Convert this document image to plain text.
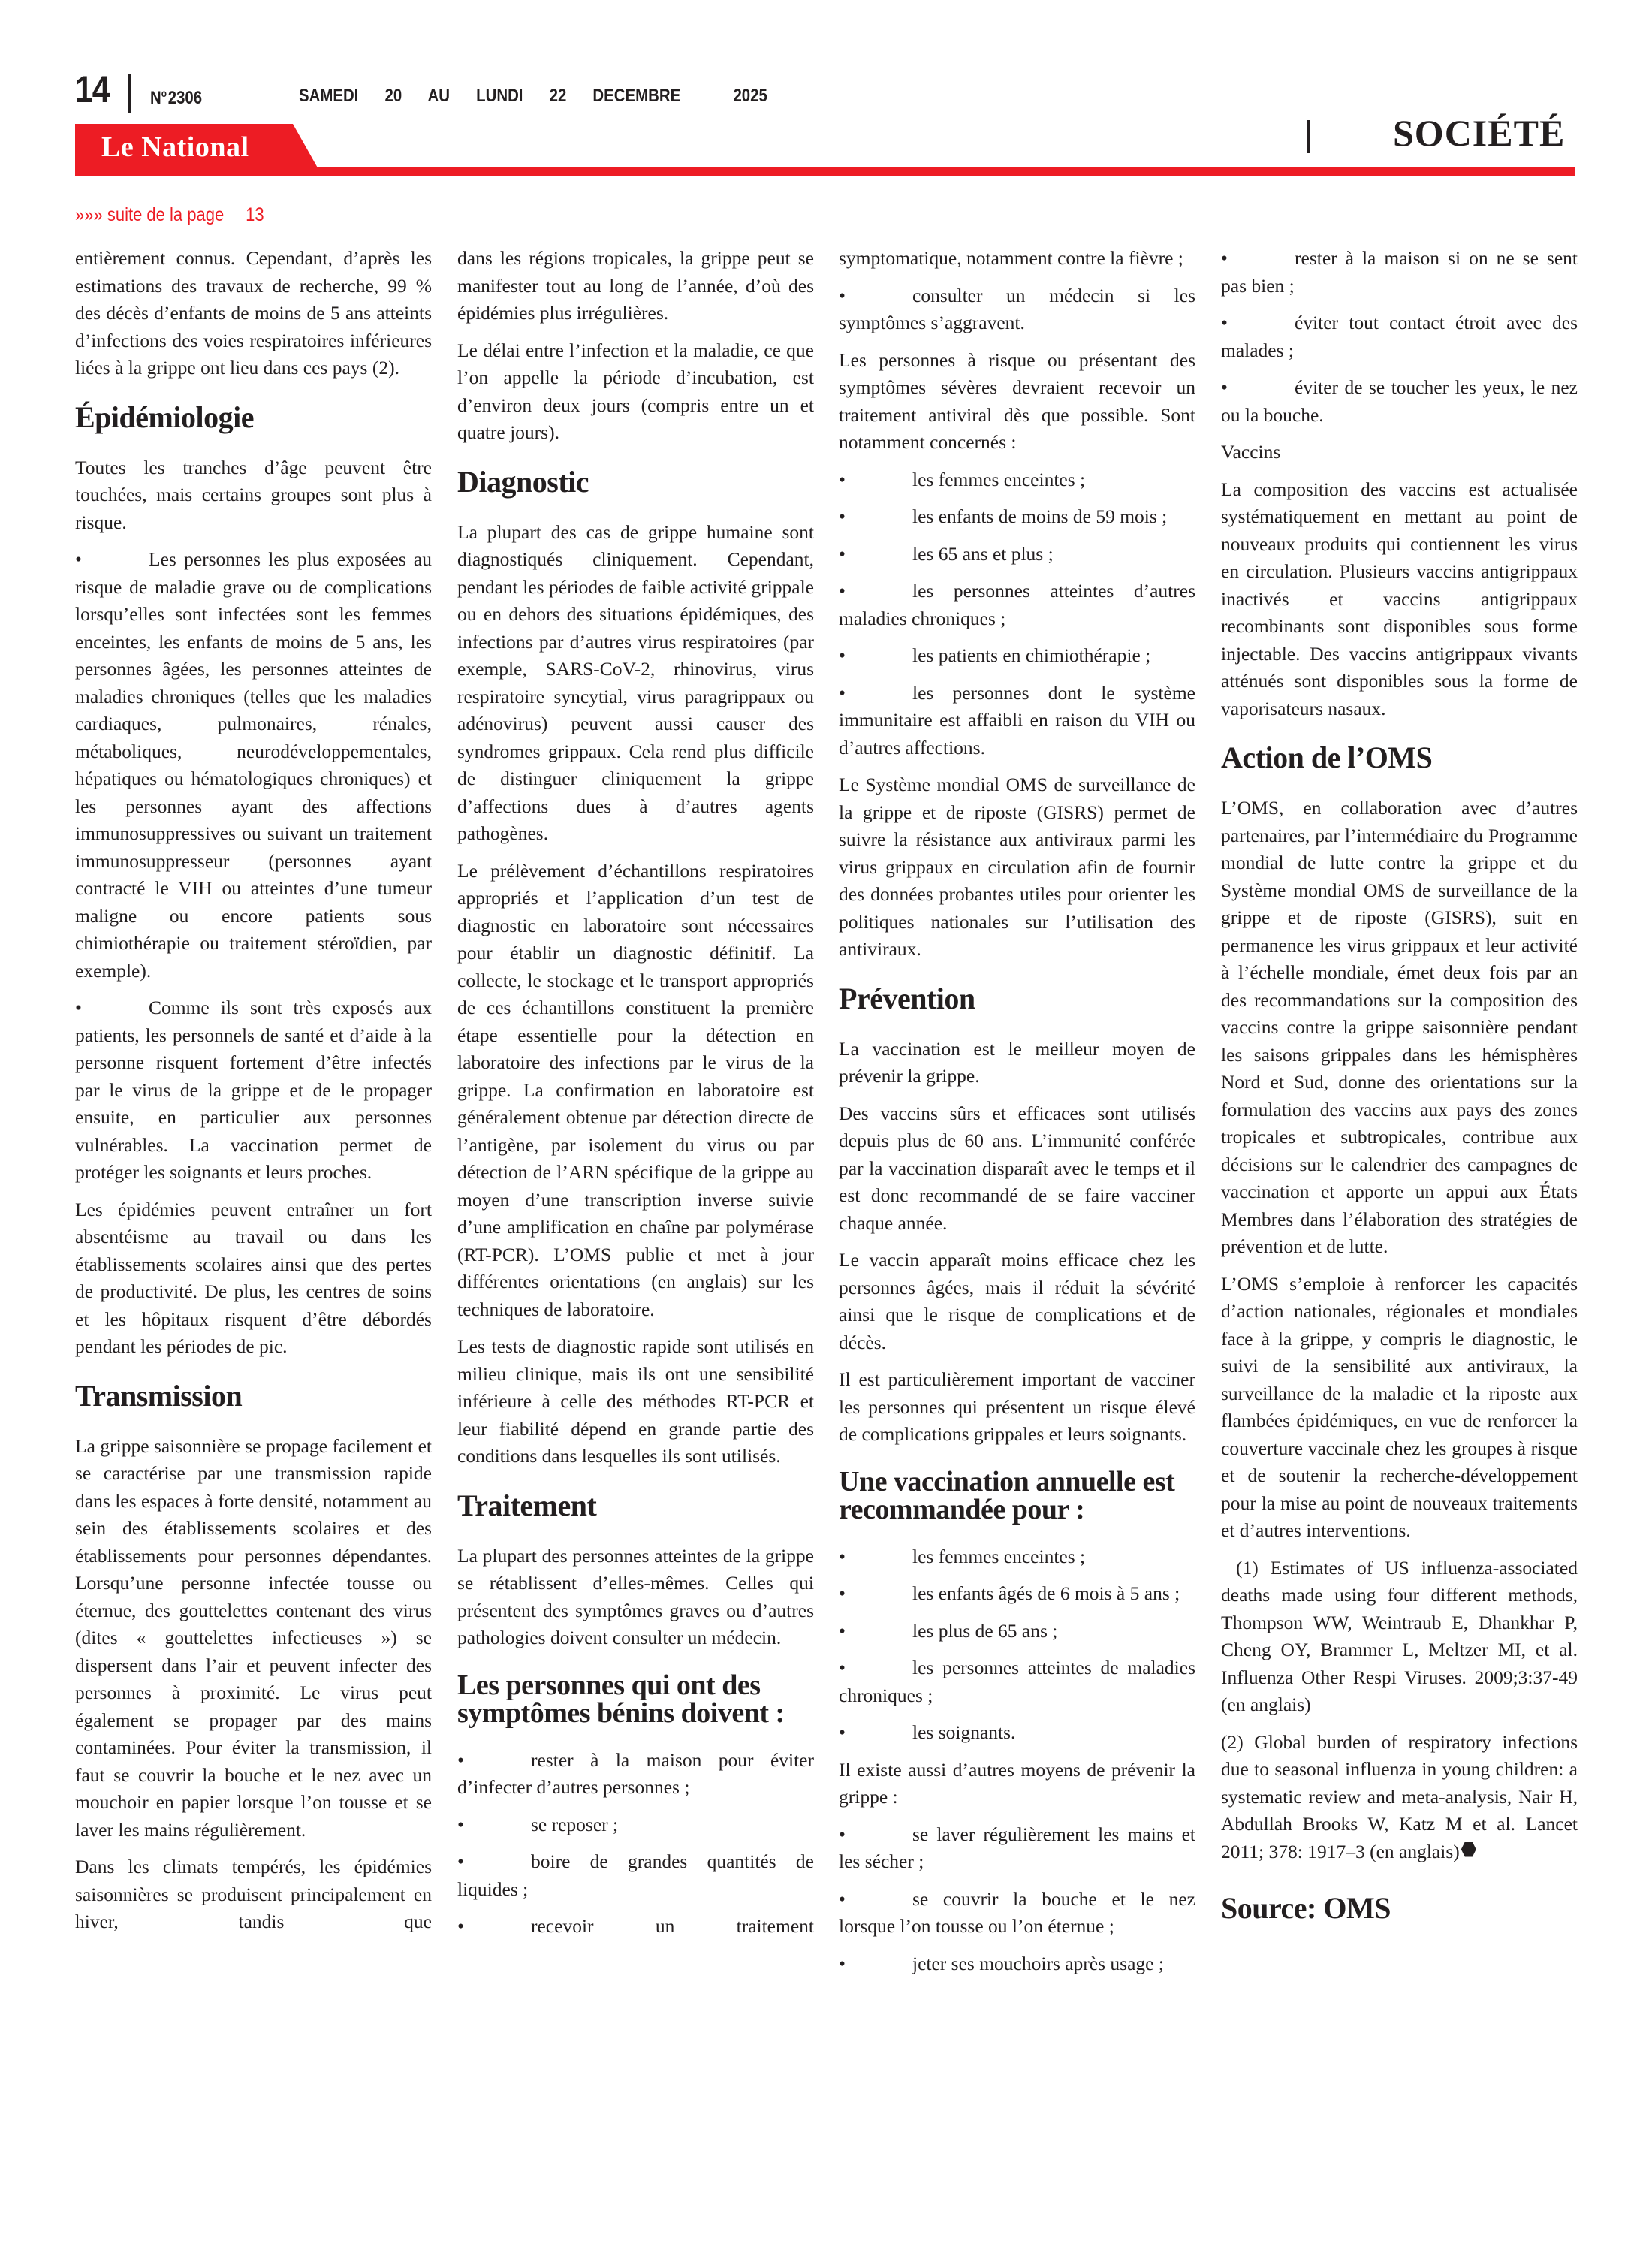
14 $N^o$ 2306	SAMEDI  20  AU  LUNDI  22  DECEMBRE    2025
Le National	SOCIÉTÉ
»»» suite de la page 13

entièrement connus. Cependant, d’après les estimations des travaux de recherche, 99 % des décès d’enfants de moins de 5 ans atteints d’infections des voies respiratoires inférieures liées à la grippe ont lieu dans ces pays (2).

Épidémiologie

Toutes les tranches d’âge peuvent être touchées, mais certains groupes sont plus à risque.

•	Les personnes les plus exposées au risque de maladie grave ou de complications lorsqu’elles sont infectées sont les femmes enceintes, les enfants de moins de 5 ans, les personnes âgées, les personnes atteintes de maladies chroniques (telles que les maladies cardiaques, pulmonaires, rénales, métaboliques, neurodéveloppementales, hépatiques ou hématologiques chroniques) et les personnes ayant des affections immunosuppressives ou suivant un traitement immunosuppresseur (personnes ayant contracté le VIH ou atteintes d’une tumeur maligne ou encore patients sous chimiothérapie ou traitement stéroïdien, par exemple).

•	Comme ils sont très exposés aux patients, les personnels de santé et d’aide à la personne risquent fortement d’être infectés par le virus de la grippe et de le propager ensuite, en particulier aux personnes vulnérables. La vaccination permet de protéger les soignants et leurs proches.

Les épidémies peuvent entraîner un fort absentéisme au travail ou dans les établissements scolaires ainsi que des pertes de productivité. De plus, les centres de soins et les hôpitaux risquent d’être débordés pendant les périodes de pic.

Transmission

La grippe saisonnière se propage facilement et se caractérise par une transmission rapide dans les espaces à forte densité, notamment au sein des établissements scolaires et des établissements pour personnes dépendantes. Lorsqu’une personne infectée tousse ou éternue, des gouttelettes contenant des virus (dites « gouttelettes infectieuses ») se dispersent dans l’air et peuvent infecter des personnes à proximité. Le virus peut également se propager par des mains contaminées. Pour éviter la transmission, il faut se couvrir la bouche et le nez avec un mouchoir en papier lorsque l’on tousse et se laver les mains régulièrement.

Dans les climats tempérés, les épidémies saisonnières se produisent principalement en hiver, tandis que

dans les régions tropicales, la grippe peut se manifester tout au long de l’année, d’où des épidémies plus irrégulières.

Le délai entre l’infection et la maladie, ce que l’on appelle la période d’incubation, est d’environ deux jours (compris entre un et quatre jours).

Diagnostic

La plupart des cas de grippe humaine sont diagnostiqués cliniquement. Cependant, pendant les périodes de faible activité grippale ou en dehors des situations épidémiques, des infections par d’autres virus respiratoires (par exemple, SARS-CoV-2, rhinovirus, virus respiratoire syncytial, virus paragrippaux ou adénovirus) peuvent aussi causer des syndromes grippaux. Cela rend plus difficile de distinguer cliniquement la grippe d’affections dues à d’autres agents pathogènes.

Le prélèvement d’échantillons respiratoires appropriés et l’application d’un test de diagnostic en laboratoire sont nécessaires pour établir un diagnostic définitif. La collecte, le stockage et le transport appropriés de ces échantillons constituent la première étape essentielle pour la détection en laboratoire des infections par le virus de la grippe. La confirmation en laboratoire est généralement obtenue par détection directe de l’antigène, par isolement du virus ou par détection de l’ARN spécifique de la grippe au moyen d’une transcription inverse suivie d’une amplification en chaîne par polymérase (RT-PCR). L’OMS publie et met à jour différentes orientations (en anglais) sur les techniques de laboratoire.

Les tests de diagnostic rapide sont utilisés en milieu clinique, mais ils ont une sensibilité inférieure à celle des méthodes RT-PCR et leur fiabilité dépend en grande partie des conditions dans lesquelles ils sont utilisés.

Traitement

La plupart des personnes atteintes de la grippe se rétablissent d’elles-mêmes. Celles qui présentent des symptômes graves ou d’autres pathologies doivent consulter un médecin.

Les personnes qui ont des symptômes bénins doivent :

•	rester à la maison pour éviter d’infecter d’autres personnes ;

•	se reposer ;

•	boire de grandes quantités de liquides ;

•	recevoir un traitement

symptomatique, notamment contre la fièvre ;

•	consulter un médecin si les symptômes s’aggravent.

Les personnes à risque ou présentant des symptômes sévères devraient recevoir un traitement antiviral dès que possible. Sont notamment concernés :

•	les femmes enceintes ;

•	les enfants de moins de 59 mois ;

•	les 65 ans et plus ;

•	les personnes atteintes d’autres maladies chroniques ;

•	les patients en chimiothérapie ;

•	les personnes dont le système immunitaire est affaibli en raison du VIH ou d’autres affections.

Le Système mondial OMS de surveillance de la grippe et de riposte (GISRS) permet de suivre la résistance aux antiviraux parmi les virus grippaux en circulation afin de fournir des données probantes utiles pour orienter les politiques nationales sur l’utilisation des antiviraux.

Prévention

La vaccination est le meilleur moyen de prévenir la grippe.

Des vaccins sûrs et efficaces sont utilisés depuis plus de 60 ans. L’immunité conférée par la vaccination disparaît avec le temps et il est donc recommandé de se faire vacciner chaque année.

Le vaccin apparaît moins efficace chez les personnes âgées, mais il réduit la sévérité ainsi que le risque de complications et de décès.

Il est particulièrement important de vacciner les personnes qui présentent un risque élevé de complications grippales et leurs soignants.

Une vaccination annuelle est recommandée pour :

•	les femmes enceintes ;

•	les enfants âgés de 6 mois à 5 ans ;

•	les plus de 65 ans ;

•	les personnes atteintes de maladies chroniques ;

•	les soignants.

Il existe aussi d’autres moyens de prévenir la grippe :

•	se laver régulièrement les mains et les sécher ;

•	se couvrir la bouche et le nez lorsque l’on tousse ou l’on éternue ;

•	jeter ses mouchoirs après usage ;

•	rester à la maison si on ne se sent pas bien ;

•	éviter tout contact étroit avec des malades ;

•	éviter de se toucher les yeux, le nez ou la bouche.

Vaccins

La composition des vaccins est actualisée systématiquement en mettant au point de nouveaux produits qui contiennent les virus en circulation. Plusieurs vaccins antigrippaux inactivés et vaccins antigrippaux recombinants sont disponibles sous forme injectable. Des vaccins antigrippaux vivants atténués sont disponibles sous la forme de vaporisateurs nasaux.

Action de l’OMS

L’OMS, en collaboration avec d’autres partenaires, par l’intermédiaire du Programme mondial de lutte contre la grippe et du Système mondial OMS de surveillance de la grippe et de riposte (GISRS), suit en permanence les virus grippaux et leur activité à l’échelle mondiale, émet deux fois par an des recommandations sur la composition des vaccins contre la grippe saisonnière pendant les saisons grippales dans les hémisphères Nord et Sud, donne des orientations sur la formulation des vaccins aux pays des zones tropicales et subtropicales, contribue aux décisions sur le calendrier des campagnes de vaccination et apporte un appui aux États Membres dans l’élaboration des stratégies de prévention et de lutte.

L’OMS s’emploie à renforcer les capacités d’action nationales, régionales et mondiales face à la grippe, y compris le diagnostic, le suivi de la sensibilité aux antiviraux, la surveillance de la maladie et la riposte aux flambées épidémiques, en vue de renforcer la couverture vaccinale chez les groupes à risque et de soutenir la recherche-développement pour la mise au point de nouveaux traitements et d’autres interventions.

(1) Estimates of US influenza-associated deaths made using four different methods, Thompson WW, Weintraub E, Dhankhar P, Cheng OY, Brammer L, Meltzer MI, et al. Influenza Other Respi Viruses. 2009;3:37-49 (en anglais)

(2) Global burden of respiratory infections due to seasonal influenza in young children: a systematic review and meta-analysis, Nair H, Abdullah Brooks W, Katz M et al. Lancet 2011; 378: 1917–3 (en anglais)

Source: OMS
